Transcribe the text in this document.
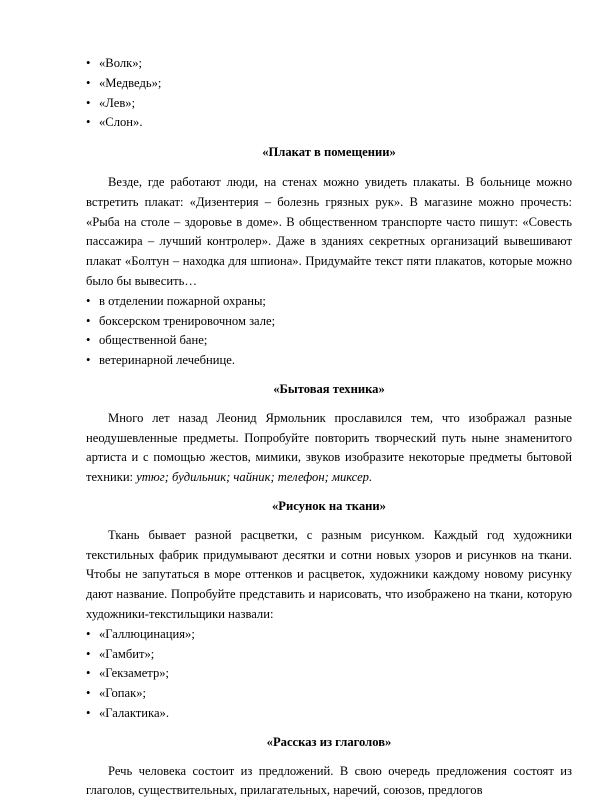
• «Волк»;
• «Медведь»;
• «Лев»;
• «Слон».
«Плакат в помещении»

Везде, где работают люди, на стенах можно увидеть плакаты. В больнице можно встретить плакат: «Дизентерия – болезнь грязных рук». В магазине можно прочесть: «Рыба на столе – здоровье в доме». В общественном транспорте часто пишут: «Совесть пассажира – лучший контролер». Даже в зданиях секретных организаций вывешивают плакат «Болтун – находка для шпиона». Придумайте текст пяти плакатов, которые можно было бы вывесить…

• в отделении пожарной охраны;
• боксерском тренировочном зале;
• общественной бане;
• ветеринарной лечебнице.
«Бытовая техника»

Много лет назад Леонид Ярмольник прославился тем, что изображал разные неодушевленные предметы. Попробуйте повторить творческий путь ныне знаменитого артиста и с помощью жестов, мимики, звуков изобразите некоторые предметы бытовой техники: утюг; будильник; чайник; телефон; миксер.

«Рисунок на ткани»

Ткань бывает разной расцветки, с разным рисунком. Каждый год художники текстильных фабрик придумывают десятки и сотни новых узоров и рисунков на ткани. Чтобы не запутаться в море оттенков и расцветок, художники каждому новому рисунку дают название. Попробуйте представить и нарисовать, что изображено на ткани, которую художники-текстильщики назвали:

• «Галлюцинация»;
• «Гамбит»;
• «Гекзаметр»;
• «Гопак»;
• «Галактика».
«Рассказ из глаголов»

Речь человека состоит из предложений. В свою очередь предложения состоят из глаголов, существительных, прилагательных, наречий, союзов, предлогов
